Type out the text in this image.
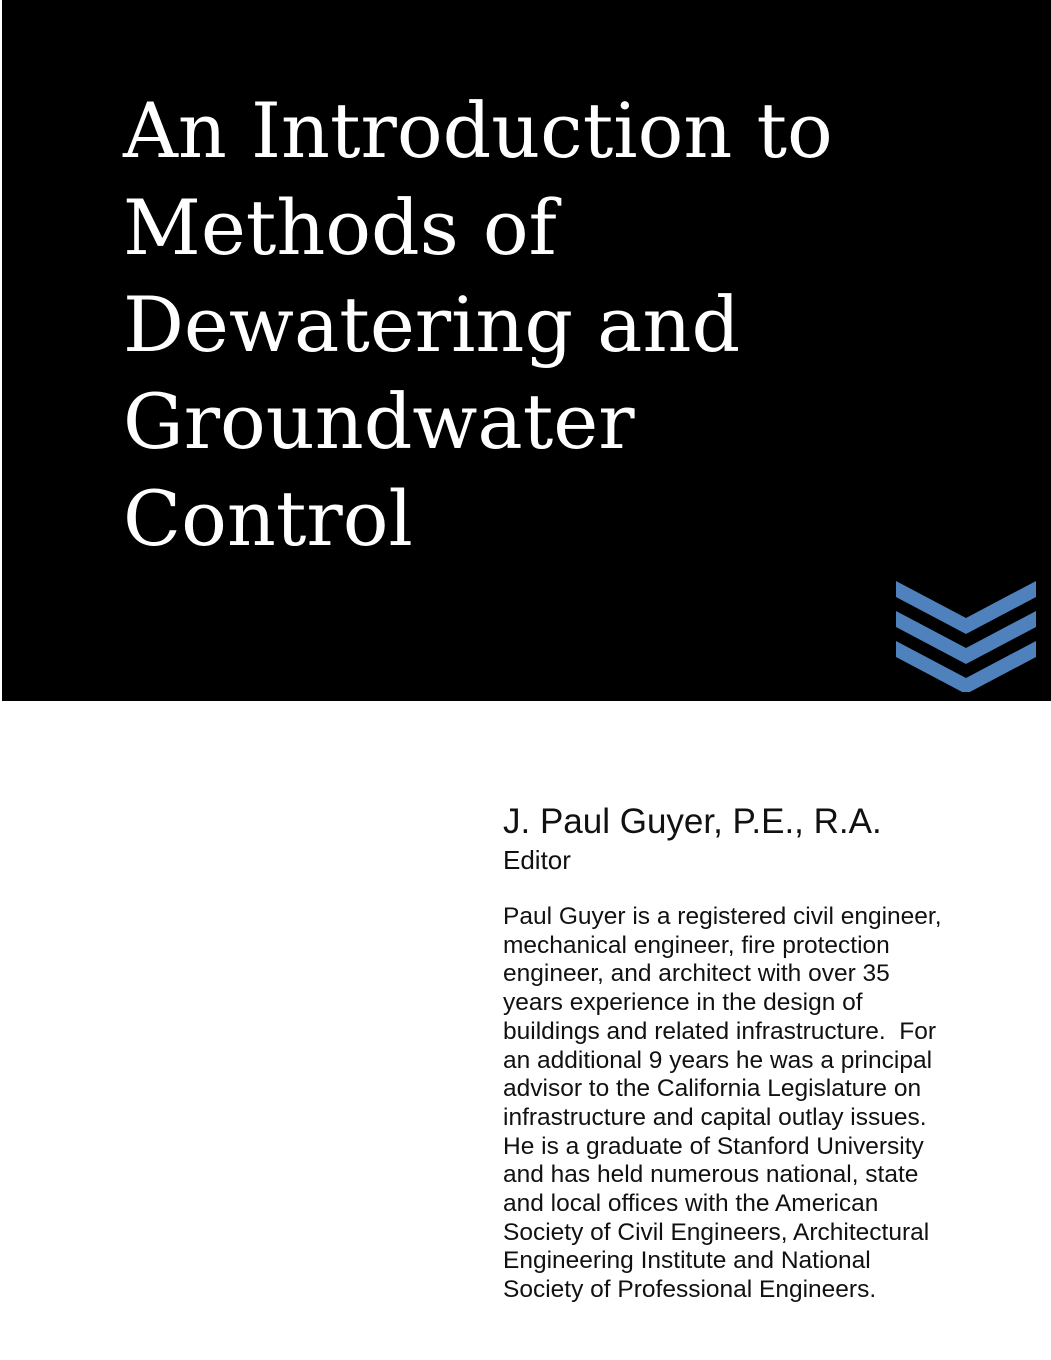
An Introduction to
Methods of
Dewatering and
Groundwater
Control

J. Paul Guyer, P.E., R.A.

Editor

Paul Guyer is a registered civil engineer,
mechanical engineer, fire protection
engineer, and architect with over 35
years experience in the design of
buildings and related infrastructure.  For
an additional 9 years he was a principal
advisor to the California Legislature on
infrastructure and capital outlay issues.
He is a graduate of Stanford University
and has held numerous national, state
and local offices with the American
Society of Civil Engineers, Architectural
Engineering Institute and National
Society of Professional Engineers.
